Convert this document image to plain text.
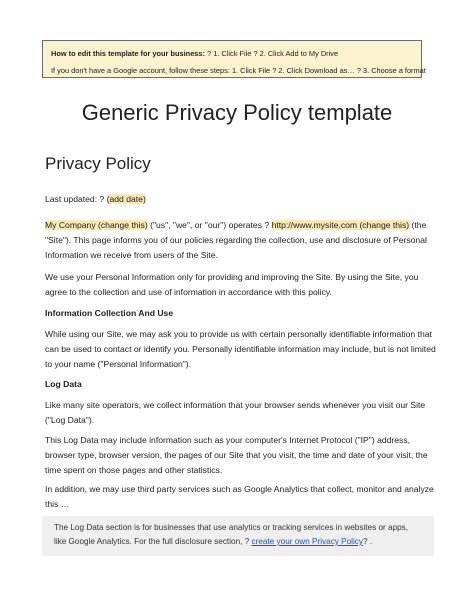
How to edit this template for your business: ? 1. Click File ? 2. Click Add to My Drive
If you don't have a Google account, follow these steps: 1. Click File ? 2. Click Download as… ? 3. Choose a format
Generic Privacy Policy template
Privacy Policy
Last updated: ? (add date)
My Company (change this) ("us", "we", or "our") operates ? http://www.mysite.com (change this) (the "Site"). This page informs you of our policies regarding the collection, use and disclosure of Personal Information we receive from users of the Site.
We use your Personal Information only for providing and improving the Site. By using the Site, you agree to the collection and use of information in accordance with this policy.
Information Collection And Use
While using our Site, we may ask you to provide us with certain personally identifiable information that can be used to contact or identify you. Personally identifiable information may include, but is not limited to your name ("Personal Information").
Log Data
Like many site operators, we collect information that your browser sends whenever you visit our Site ("Log Data").
This Log Data may include information such as your computer's Internet Protocol ("IP") address, browser type, browser version, the pages of our Site that you visit, the time and date of your visit, the time spent on those pages and other statistics.
In addition, we may use third party services such as Google Analytics that collect, monitor and analyze this …
The Log Data section is for businesses that use analytics or tracking services in websites or apps, like Google Analytics. For the full disclosure section, ? create your own Privacy Policy? .
